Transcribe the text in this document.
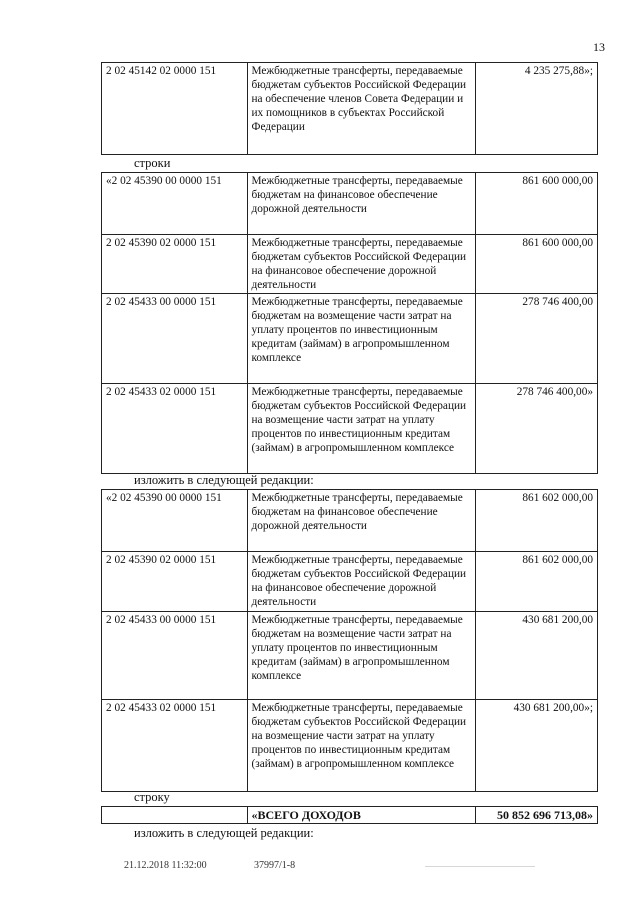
13
2 02 45142 02 0000 151	Межбюджетные трансферты, передаваемые бюджетам субъектов Российской Федерации на обеспечение членов Совета Федерации и их помощников в субъектах Российской Федерации	4 235 275,88»;
строки
«2 02 45390 00 0000 151	Межбюджетные трансферты, передаваемые бюджетам на финансовое обеспечение дорожной деятельности	861 600 000,00
2 02 45390 02 0000 151	Межбюджетные трансферты, передаваемые бюджетам субъектов Российской Федерации на финансовое обеспечение дорожной деятельности	861 600 000,00
2 02 45433 00 0000 151	Межбюджетные трансферты, передаваемые бюджетам на возмещение части затрат на уплату процентов по инвестиционным кредитам (займам) в агропромышленном комплексе	278 746 400,00
2 02 45433 02 0000 151	Межбюджетные трансферты, передаваемые бюджетам субъектов Российской Федерации на возмещение части затрат на уплату процентов по инвестиционным кредитам (займам) в агропромышленном комплексе	278 746 400,00»
изложить в следующей редакции:
«2 02 45390 00 0000 151	Межбюджетные трансферты, передаваемые бюджетам на финансовое обеспечение дорожной деятельности	861 602 000,00
2 02 45390 02 0000 151	Межбюджетные трансферты, передаваемые бюджетам субъектов Российской Федерации на финансовое обеспечение дорожной деятельности	861 602 000,00
2 02 45433 00 0000 151	Межбюджетные трансферты, передаваемые бюджетам на возмещение части затрат на уплату процентов по инвестиционным кредитам (займам) в агропромышленном комплексе	430 681 200,00
2 02 45433 02 0000 151	Межбюджетные трансферты, передаваемые бюджетам субъектов Российской Федерации на возмещение части затрат на уплату процентов по инвестиционным кредитам (займам) в агропромышленном комплексе	430 681 200,00»;
строку
	«ВСЕГО ДОХОДОВ	50 852 696 713,08»
изложить в следующей редакции:
21.12.2018 11:32:00	37997/1-8
